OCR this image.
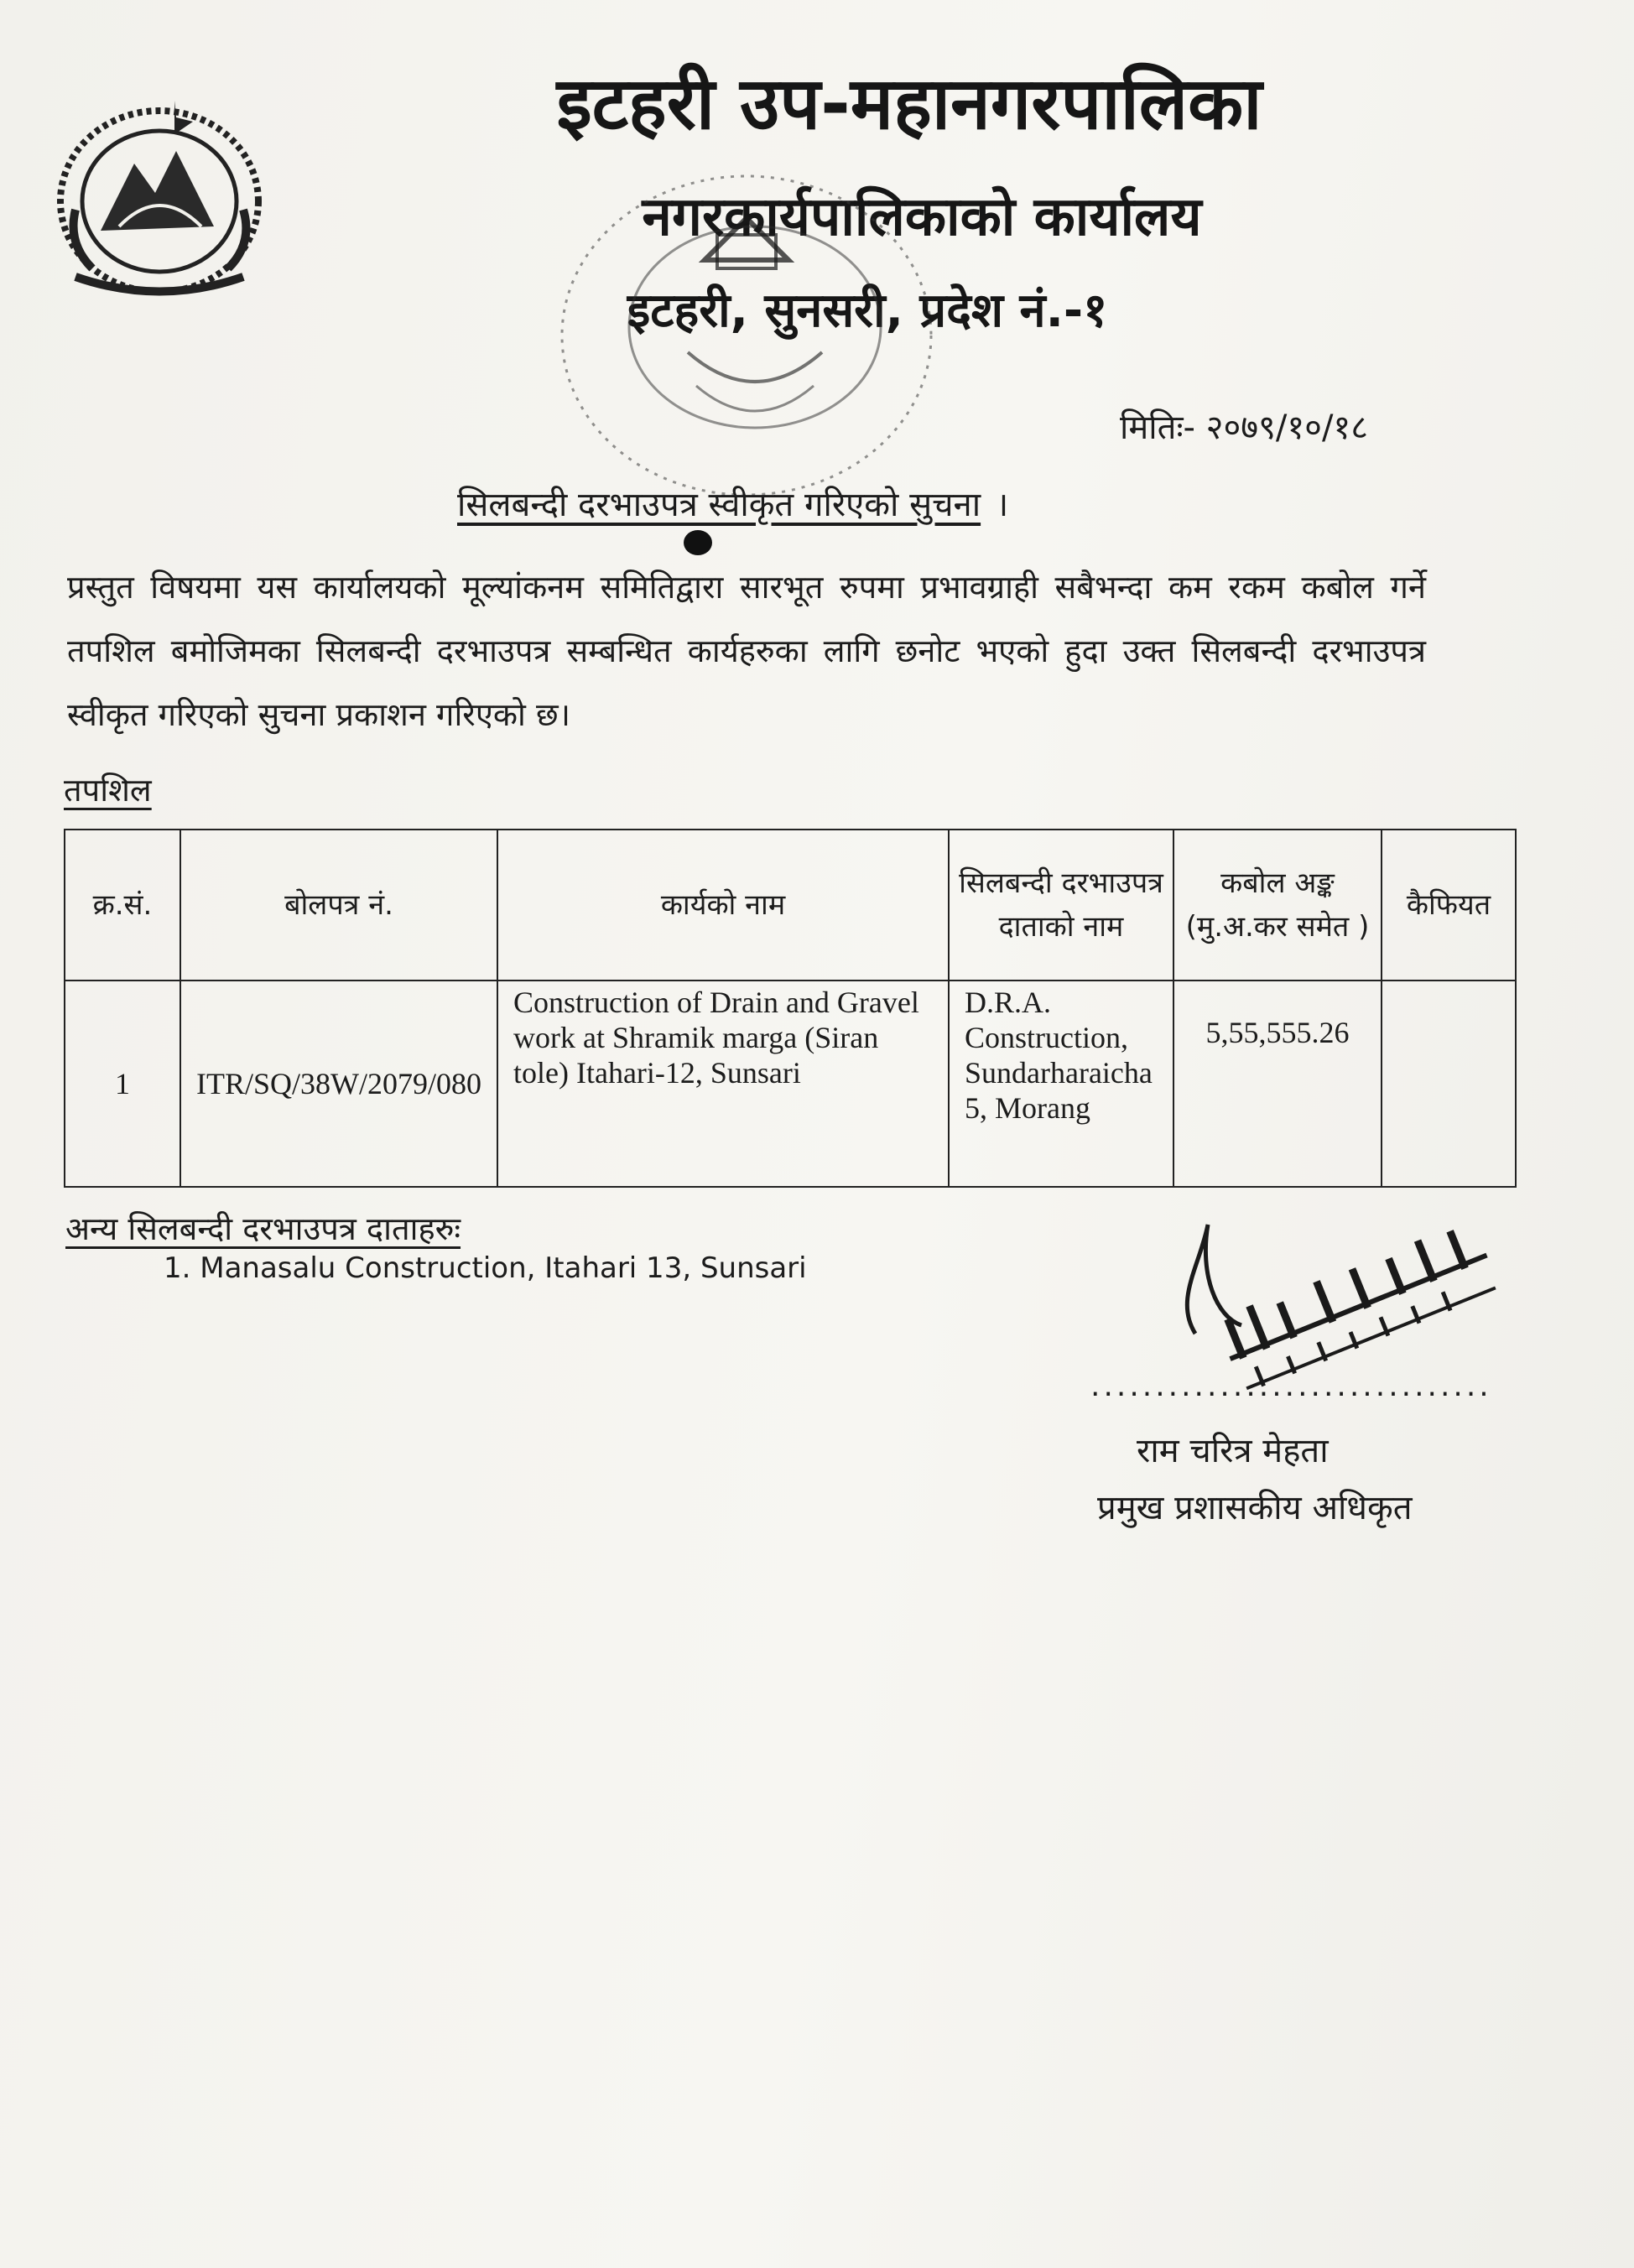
इटहरी उप-महानगरपालिका
नगरकार्यपालिकाको कार्यालय
इटहरी, सुनसरी, प्रदेश नं.-१
मितिः- २०७९/१०/१८
सिलबन्दी दरभाउपत्र स्वीकृत गरिएको सुचना ।
प्रस्तुत विषयमा यस कार्यालयको मूल्यांकनम समितिद्वारा सारभूत रुपमा प्रभावग्राही सबैभन्दा कम रकम कबोल गर्ने तपशिल बमोजिमका सिलबन्दी दरभाउपत्र सम्बन्धित कार्यहरुका लागि छनोट भएको हुदा उक्त सिलबन्दी दरभाउपत्र स्वीकृत गरिएको सुचना प्रकाशन गरिएको छ।
तपशिल
क्र.सं.	बोलपत्र नं.	कार्यको नाम	सिलबन्दी दरभाउपत्र दाताको नाम	कबोल अङ्क (मु.अ.कर समेत )	कैफियत
1	ITR/SQ/38W/2079/080	Construction of Drain and Gravel work at Shramik marga (Siran tole) Itahari-12, Sunsari	D.R.A. Construction, Sundarharaicha 5, Morang	5,55,555.26	
अन्य सिलबन्दी दरभाउपत्र दाताहरुः
1. Manasalu Construction, Itahari 13, Sunsari
...............................
राम चरित्र मेहता
प्रमुख प्रशासकीय अधिकृत
